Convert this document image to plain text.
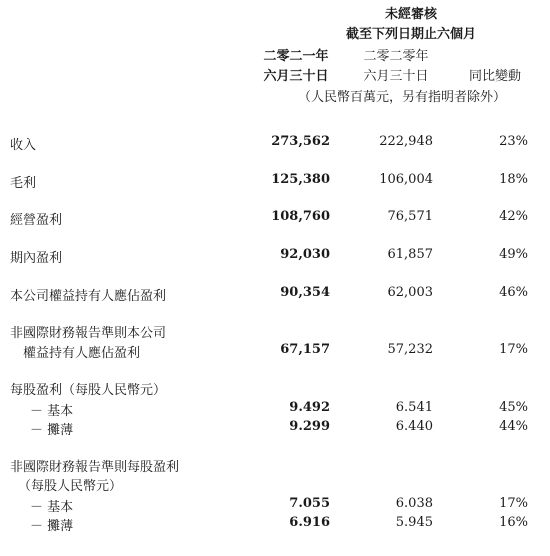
未經審核
截至下列日期止六個月
二零二一年
六月三十日
二零二零年
六月三十日	同比變動
（人民幣百萬元，另有指明者除外）
收入	273,562	222,948	23%
毛利	125,380	106,004	18%
經營盈利	108,760	76,571	42%
期內盈利	92,030	61,857	49%
本公司權益持有人應佔盈利	90,354	62,003	46%
非國際財務報告準則本公司
權益持有人應佔盈利	67,157	57,232	17%
每股盈利（每股人民幣元）
－ 基本	9.492	6.541	45%
－ 攤薄	9.299	6.440	44%
非國際財務報告準則每股盈利
（每股人民幣元）
－ 基本	7.055	6.038	17%
－ 攤薄	6.916	5.945	16%
